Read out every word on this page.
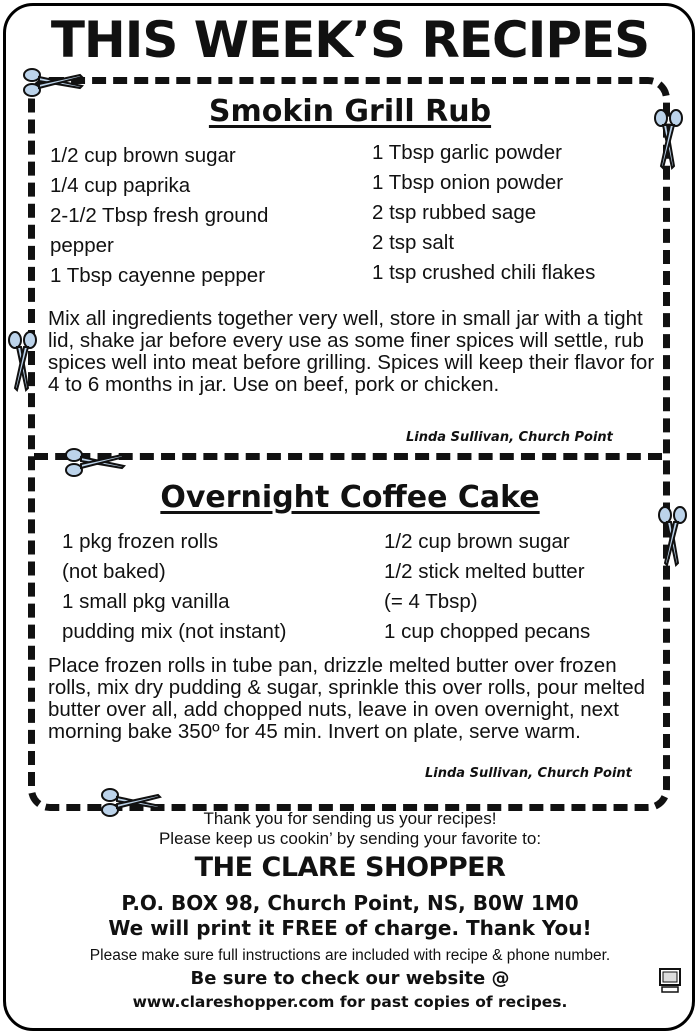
THIS WEEK’S RECIPES
Smokin Grill Rub
1/2 cup brown sugar
1/4 cup paprika
2-1/2 Tbsp fresh ground
pepper
1 Tbsp cayenne pepper
1 Tbsp garlic powder
1 Tbsp onion powder
2 tsp rubbed sage
2 tsp salt
1 tsp crushed chili flakes
Mix all ingredients together very well, store in small jar with a tight lid, shake jar before every use as some finer spices will settle, rub spices well into meat before grilling. Spices will keep their flavor for 4 to 6 months in jar. Use on beef, pork or chicken.
Linda Sullivan, Church Point
Overnight Coffee Cake
1 pkg frozen rolls
(not baked)
1 small pkg vanilla
pudding mix (not instant)
1/2 cup brown sugar
1/2 stick melted butter
(= 4 Tbsp)
1 cup chopped pecans
Place frozen rolls in tube pan, drizzle melted butter over frozen rolls, mix dry pudding & sugar, sprinkle this over rolls, pour melted butter over all, add chopped nuts, leave in oven overnight, next morning bake 350º for 45 min. Invert on plate, serve warm.
Linda Sullivan, Church Point
Thank you for sending us your recipes!
Please keep us cookin’ by sending your favorite to:
THE CLARE SHOPPER
P.O. BOX 98, Church Point, NS, B0W 1M0
We will print it FREE of charge. Thank You!
Please make sure full instructions are included with recipe & phone number.
Be sure to check our website @
www.clareshopper.com for past copies of recipes.
